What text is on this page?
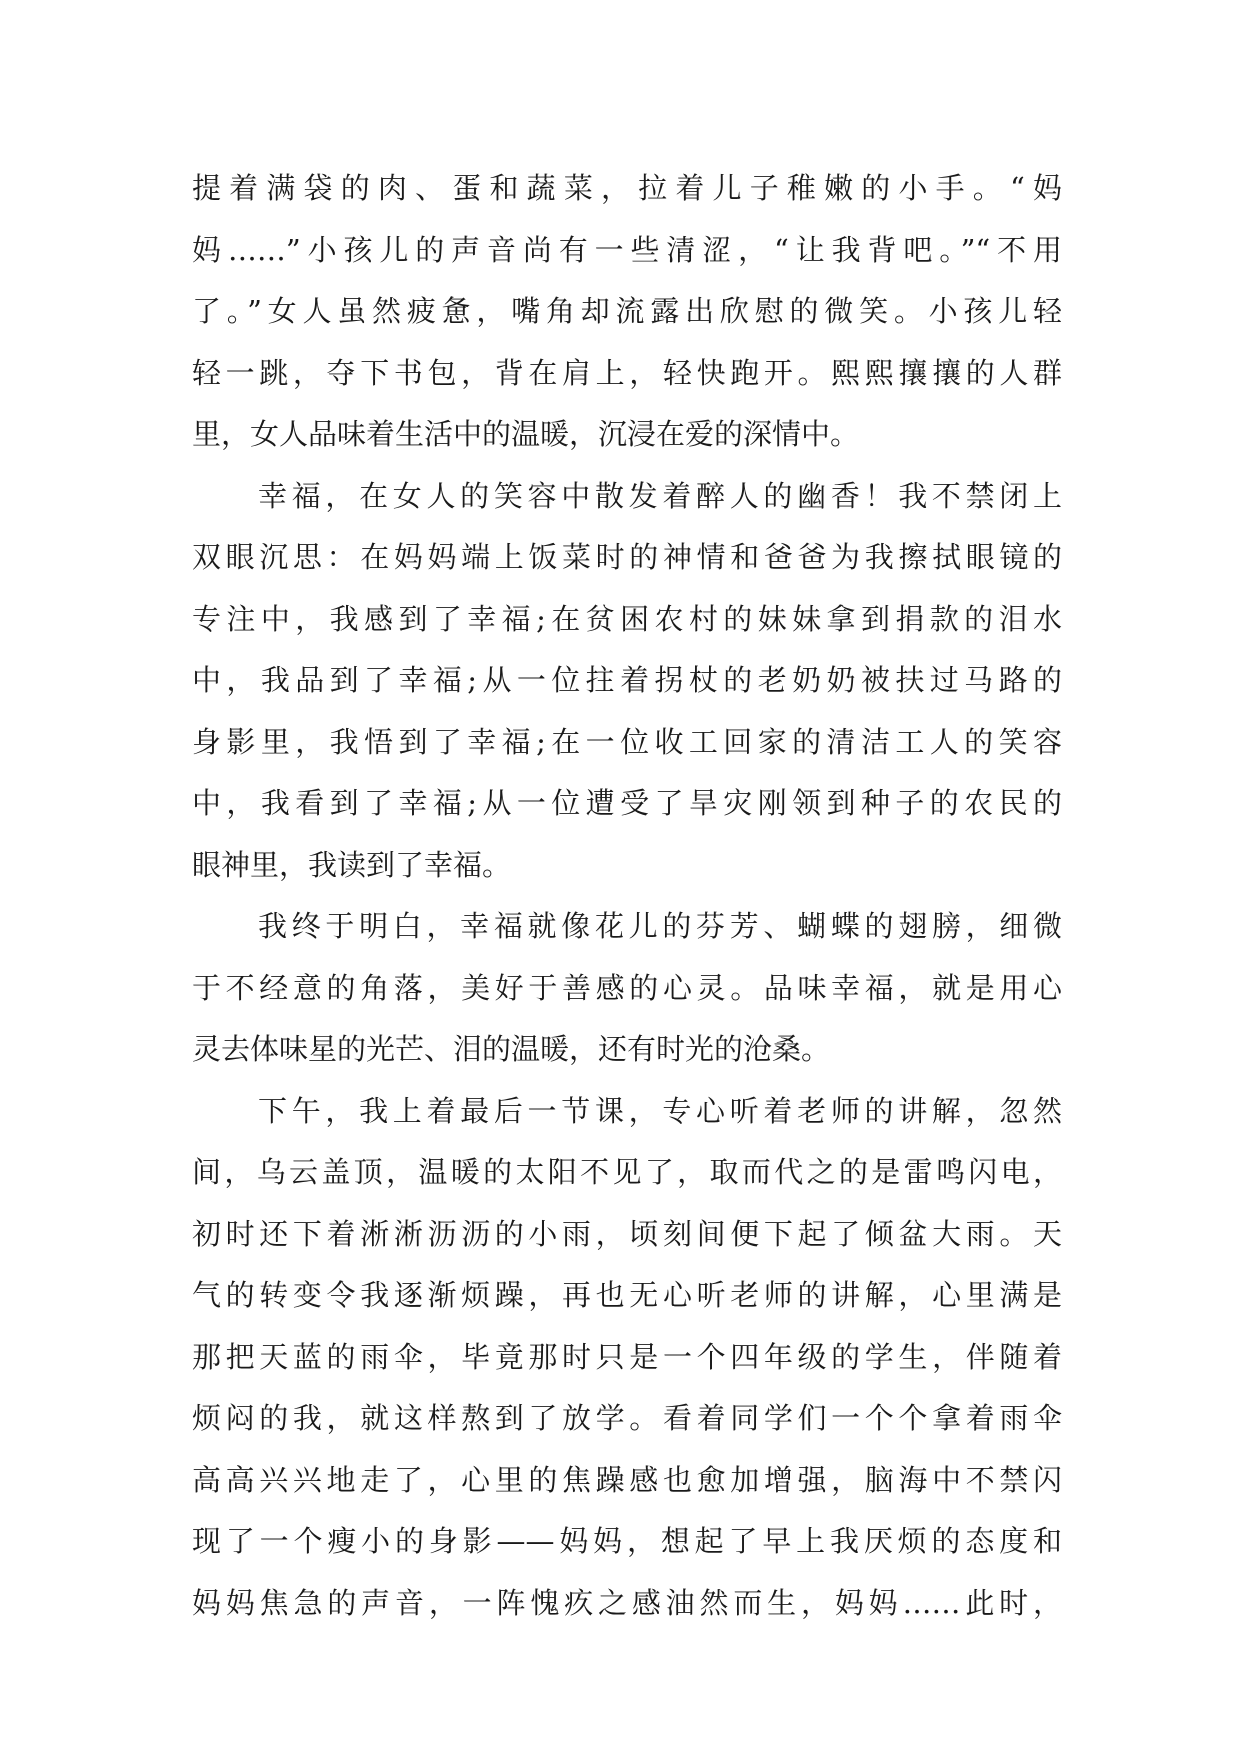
提着满袋的肉、蛋和蔬菜，拉着儿子稚嫩的小手。“妈
妈……”小孩儿的声音尚有一些清涩，“让我背吧。”“不用
了。”女人虽然疲惫，嘴角却流露出欣慰的微笑。小孩儿轻
轻一跳，夺下书包，背在肩上，轻快跑开。熙熙攘攘的人群
里，女人品味着生活中的温暖，沉浸在爱的深情中。
幸福，在女人的笑容中散发着醉人的幽香！我不禁闭上
双眼沉思：在妈妈端上饭菜时的神情和爸爸为我擦拭眼镜的
专注中，我感到了幸福;在贫困农村的妹妹拿到捐款的泪水
中，我品到了幸福;从一位拄着拐杖的老奶奶被扶过马路的
身影里，我悟到了幸福;在一位收工回家的清洁工人的笑容
中，我看到了幸福;从一位遭受了旱灾刚领到种子的农民的
眼神里，我读到了幸福。
我终于明白，幸福就像花儿的芬芳、蝴蝶的翅膀，细微
于不经意的角落，美好于善感的心灵。品味幸福，就是用心
灵去体味星的光芒、泪的温暖，还有时光的沧桑。
下午，我上着最后一节课，专心听着老师的讲解，忽然
间，乌云盖顶，温暖的太阳不见了，取而代之的是雷鸣闪电，
初时还下着淅淅沥沥的小雨，顷刻间便下起了倾盆大雨。天
气的转变令我逐渐烦躁，再也无心听老师的讲解，心里满是
那把天蓝的雨伞，毕竟那时只是一个四年级的学生，伴随着
烦闷的我，就这样熬到了放学。看着同学们一个个拿着雨伞
高高兴兴地走了，心里的焦躁感也愈加增强，脑海中不禁闪
现了一个瘦小的身影——妈妈，想起了早上我厌烦的态度和
妈妈焦急的声音，一阵愧疚之感油然而生，妈妈……此时，
